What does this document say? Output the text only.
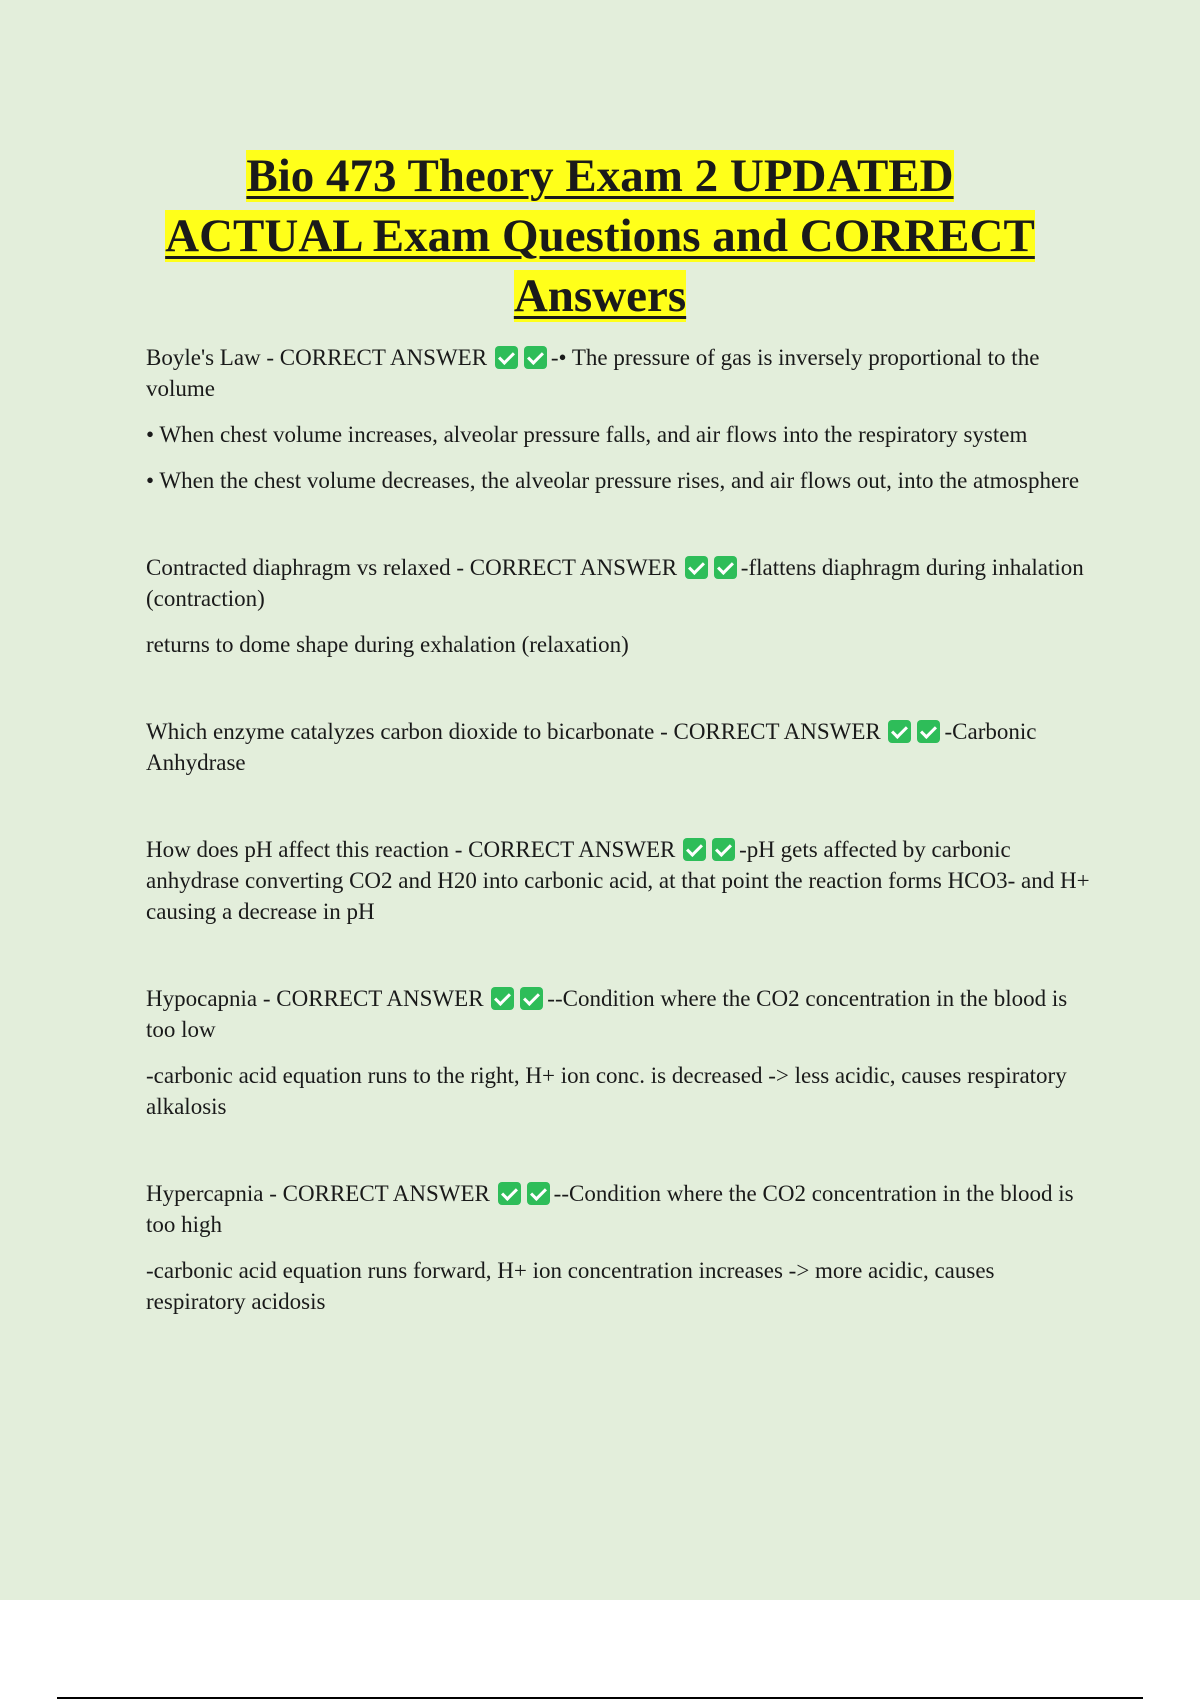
Bio 473 Theory Exam 2 UPDATED
ACTUAL Exam Questions and CORRECT
Answers

Boyle's Law - CORRECT ANSWER	-• The pressure of gas is inversely proportional to the volume

• When chest volume increases, alveolar pressure falls, and air flows into the respiratory system

• When the chest volume decreases, the alveolar pressure rises, and air flows out, into the atmosphere

Contracted diaphragm vs relaxed - CORRECT ANSWER	-flattens diaphragm during inhalation (contraction)

returns to dome shape during exhalation (relaxation)

Which enzyme catalyzes carbon dioxide to bicarbonate - CORRECT ANSWER	-Carbonic Anhydrase

How does pH affect this reaction - CORRECT ANSWER	-pH gets affected by carbonic anhydrase converting CO2 and H20 into carbonic acid, at that point the reaction forms HCO3- and H+ causing a decrease in pH

Hypocapnia - CORRECT ANSWER	--Condition where the CO2 concentration in the blood is too low

-carbonic acid equation runs to the right, H+ ion conc. is decreased -> less acidic, causes respiratory alkalosis

Hypercapnia - CORRECT ANSWER	--Condition where the CO2 concentration in the blood is too high

-carbonic acid equation runs forward, H+ ion concentration increases -> more acidic, causes respiratory acidosis
